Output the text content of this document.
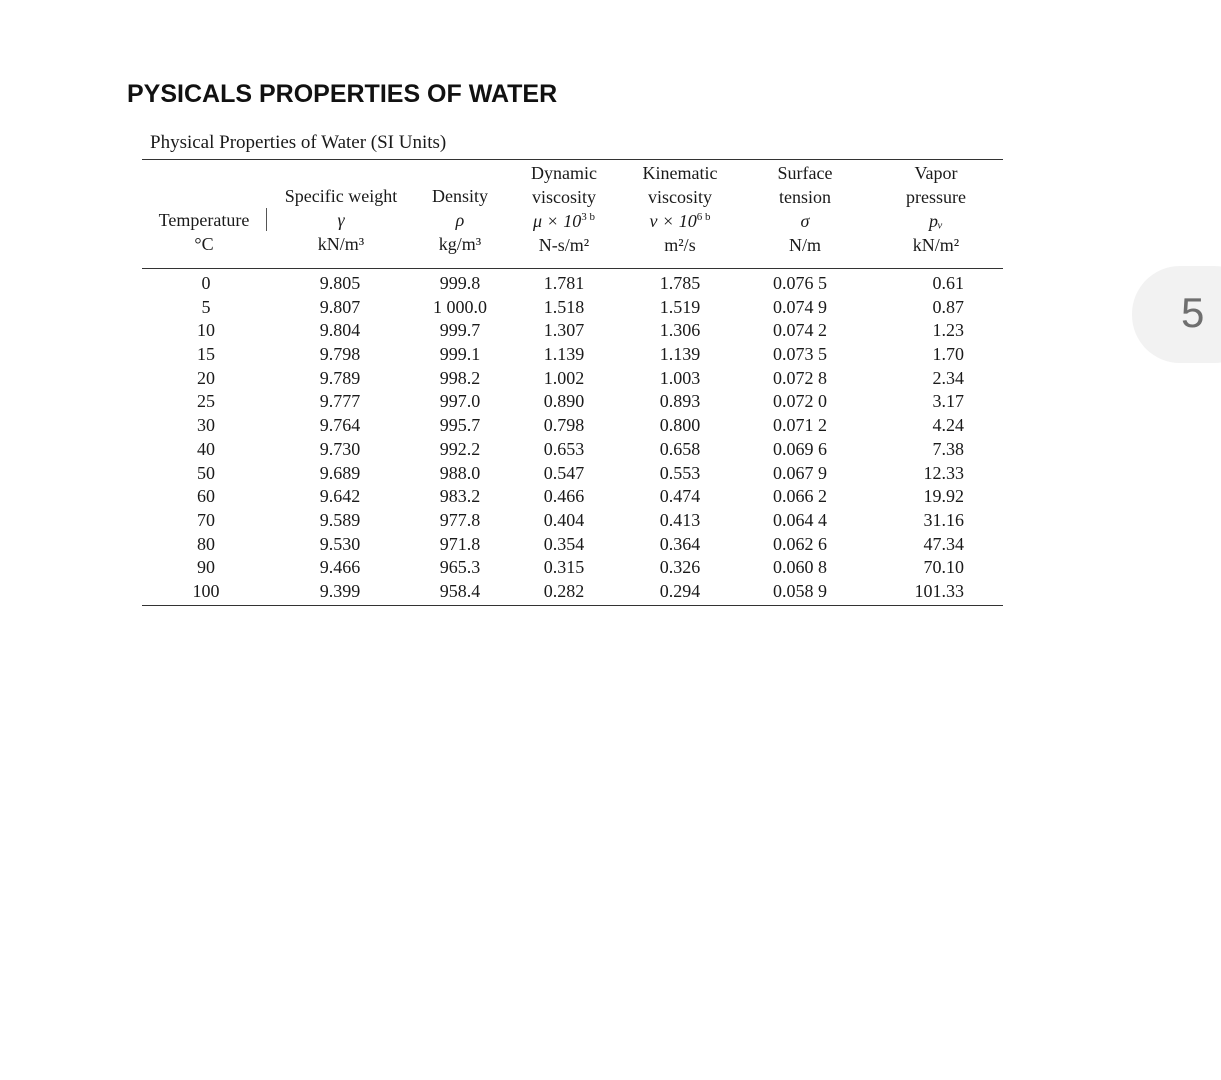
PYSICALS PROPERTIES OF WATER
Physical Properties of Water (SI Units)
Temperature
°C
Specific weight
γ
kN/m³
Density
ρ
kg/m³
Dynamic
viscosity
$\mu \times 10^{3 b}$
N-s/m²
Kinematic
viscosity
$v \times 10^{6 b}$
m²/s
Surface
tension
σ
N/m
Vapor
pressure
pᵥ
kN/m²
0
5
10
15
20
25
30
40
50
60
70
80
90
100
9.805
9.807
9.804
9.798
9.789
9.777
9.764
9.730
9.689
9.642
9.589
9.530
9.466
9.399
999.8
1 000.0
999.7
999.1
998.2
997.0
995.7
992.2
988.0
983.2
977.8
971.8
965.3
958.4
1.781
1.518
1.307
1.139
1.002
0.890
0.798
0.653
0.547
0.466
0.404
0.354
0.315
0.282
1.785
1.519
1.306
1.139
1.003
0.893
0.800
0.658
0.553
0.474
0.413
0.364
0.326
0.294
0.076 5
0.074 9
0.074 2
0.073 5
0.072 8
0.072 0
0.071 2
0.069 6
0.067 9
0.066 2
0.064 4
0.062 6
0.060 8
0.058 9
0.61
0.87
1.23
1.70
2.34
3.17
4.24
7.38
12.33
19.92
31.16
47.34
70.10
101.33
5
